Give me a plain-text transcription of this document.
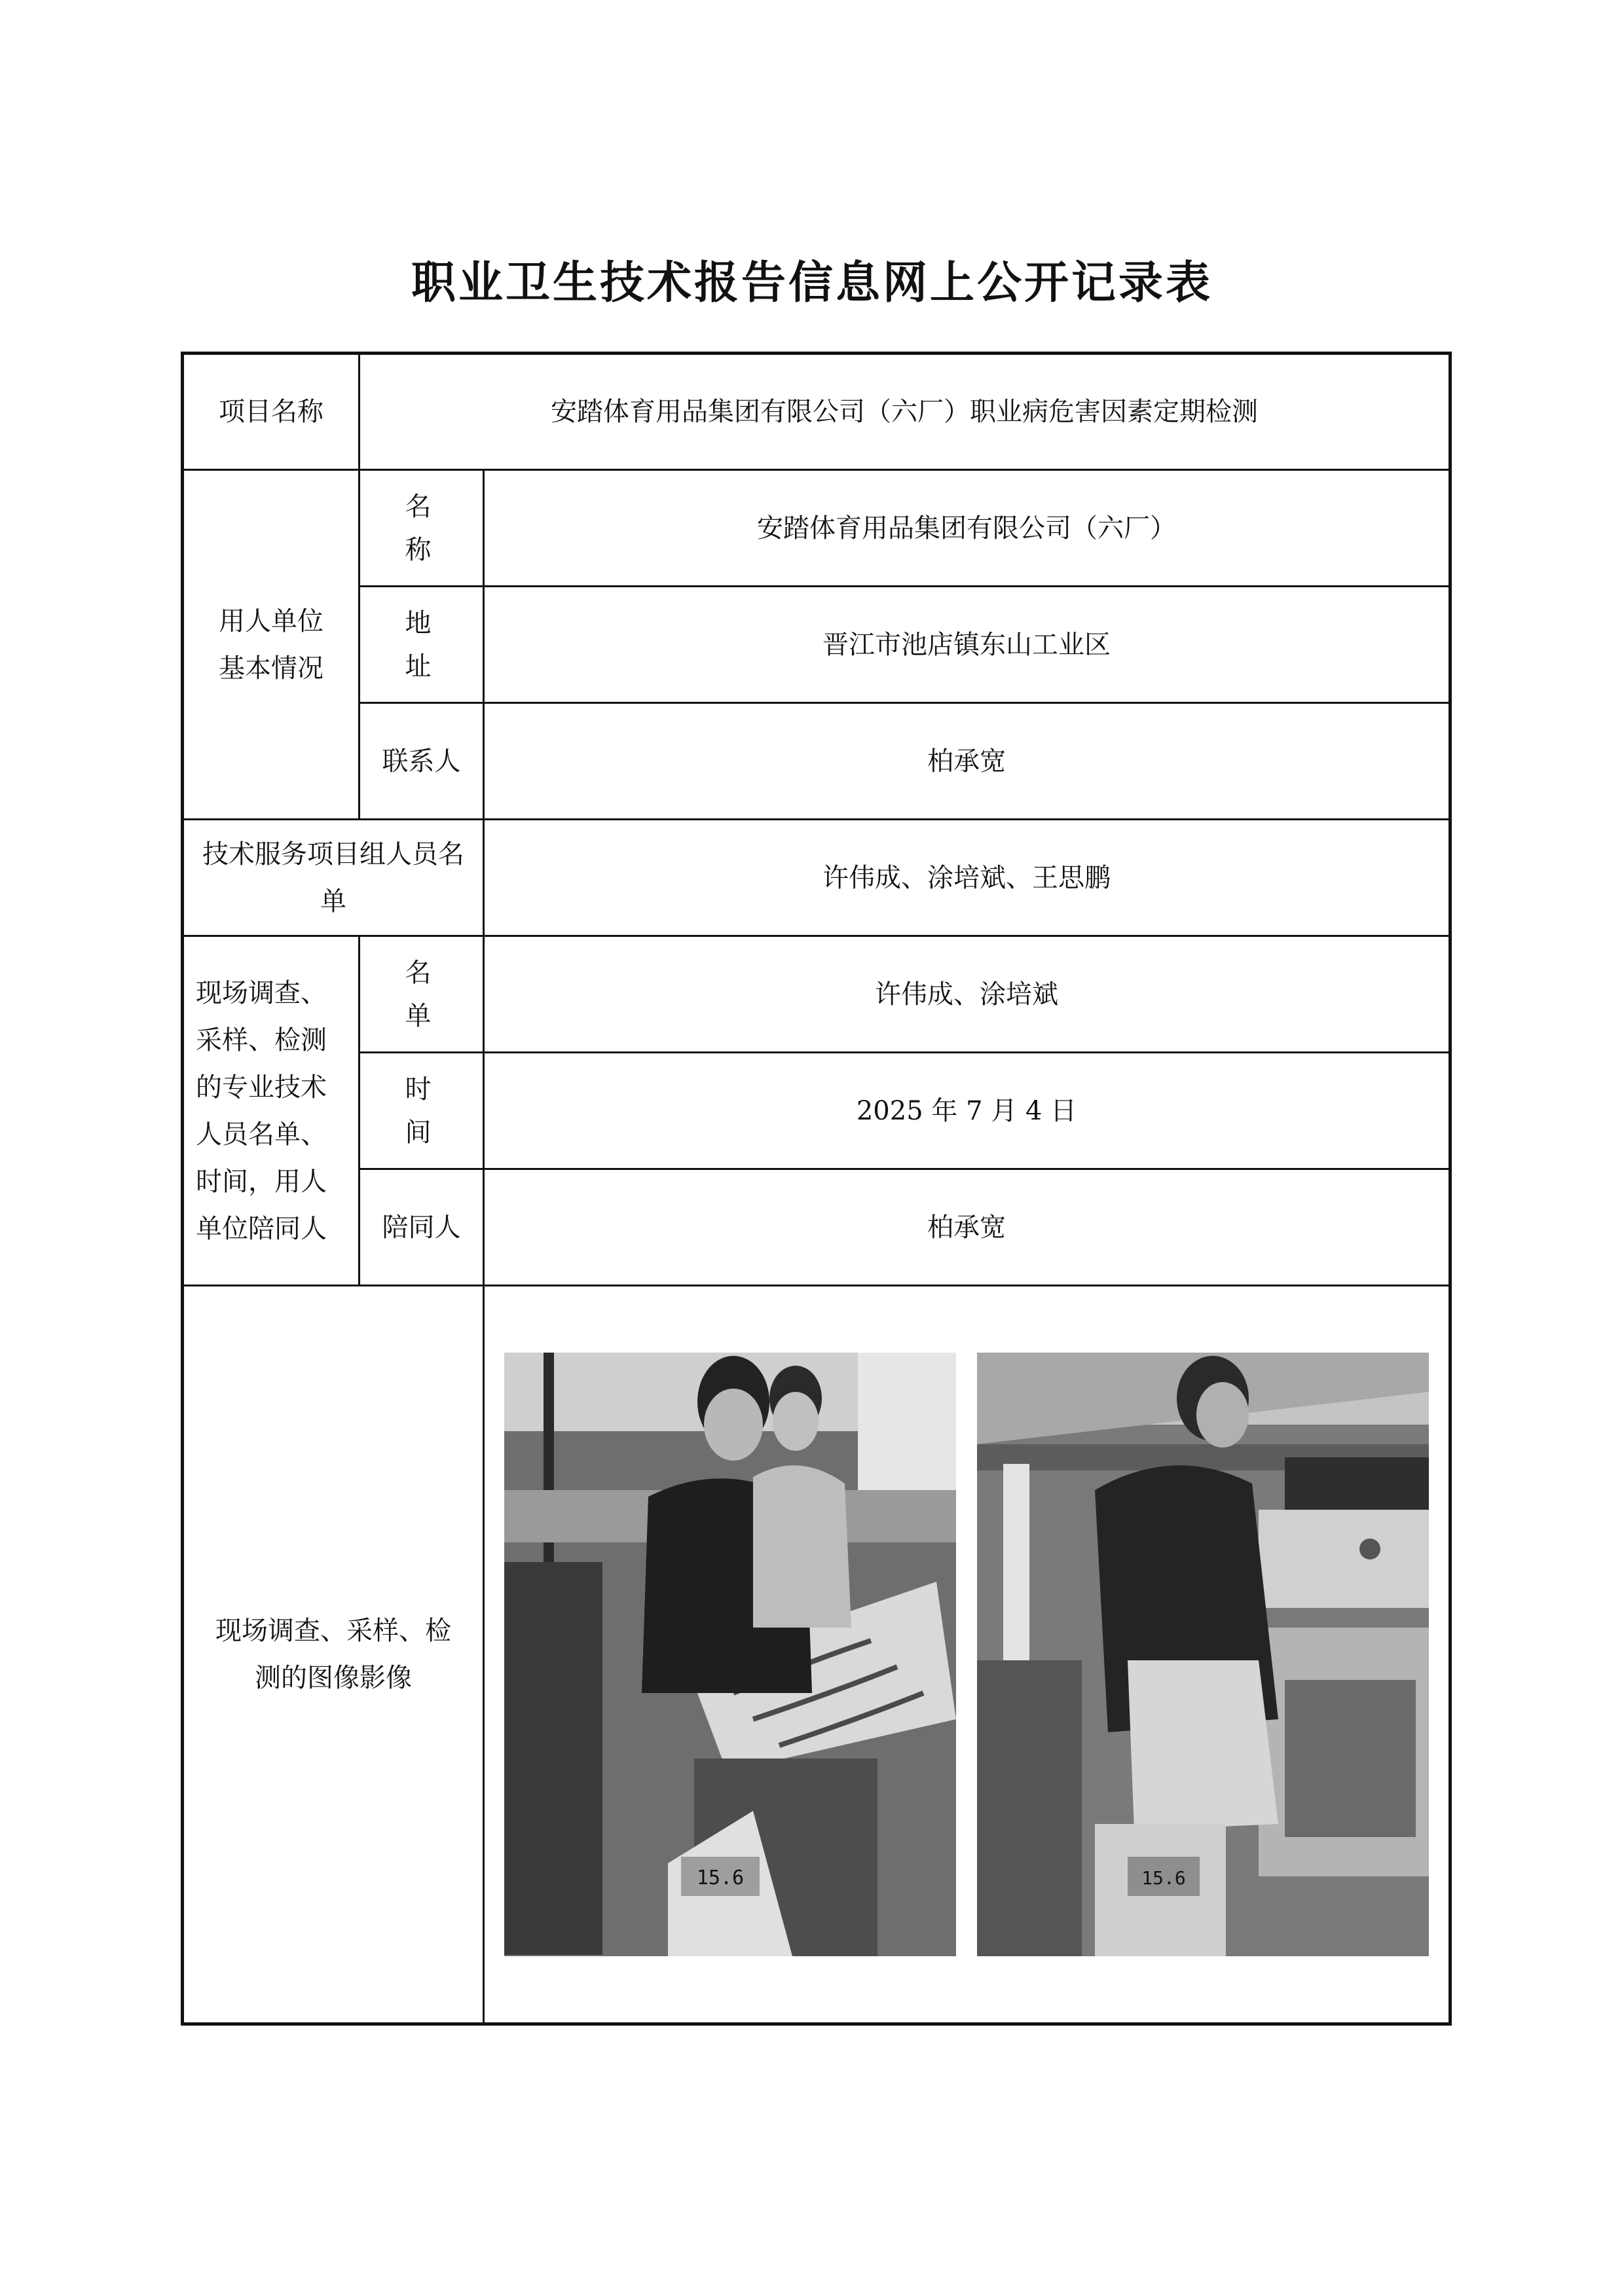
职业卫生技术报告信息网上公开记录表
项目名称	安踏体育用品集团有限公司（六厂）职业病危害因素定期检测	
用人单位基本情况	名 称	安踏体育用品集团有限公司（六厂）
	地 址	晋江市池店镇东山工业区
	联系人	柏承宽
技术服务项目组人员名单		许伟成、涂培斌、王思鹏
现场调查、采样、检测的专业技术人员名单、时间，用人单位陪同人	名 单	许伟成、涂培斌
	时 间	2025 年 7 月 4 日
	陪同人	柏承宽
现场调查、采样、检测的图像影像		15.6 15.6
